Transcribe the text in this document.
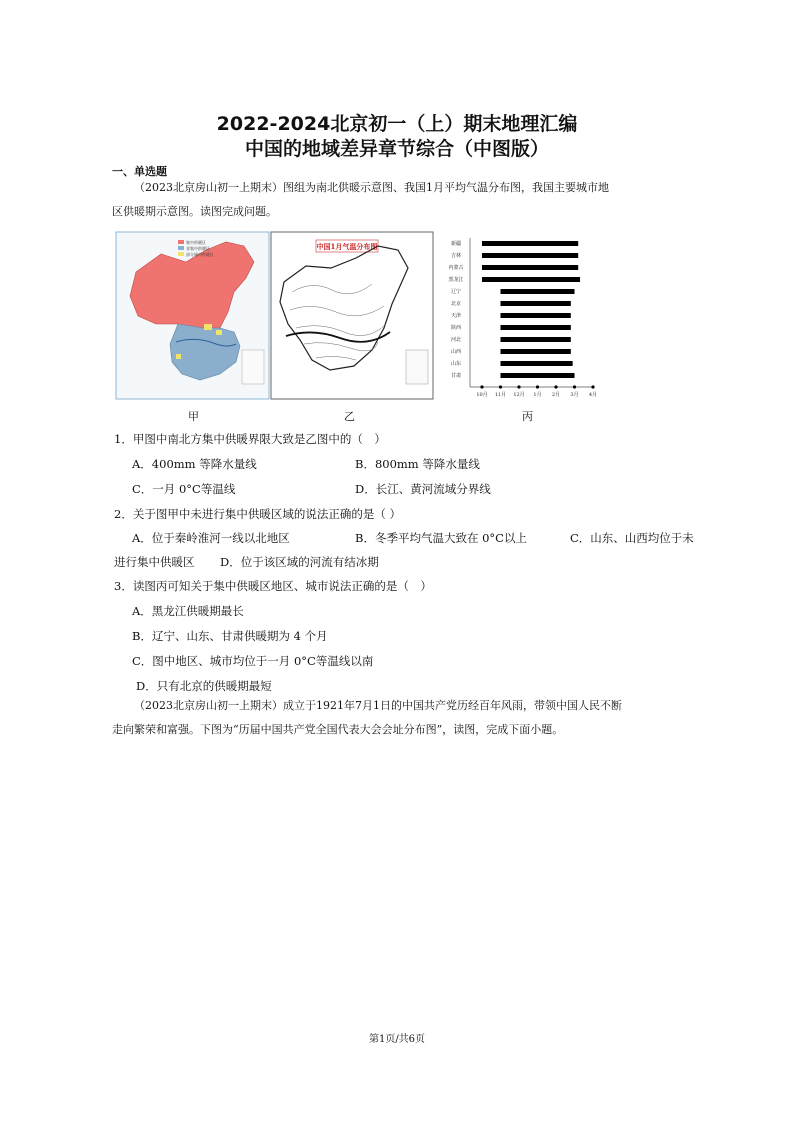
2022-2024北京初一（上）期末地理汇编
中国的地域差异章节综合（中图版）
一、单选题
（2023北京房山初一上期末）图组为南北供暖示意图、我国1月平均气温分布图，我国主要城市地
区供暖期示意图。读图完成问题。
集中供暖区
非集中供暖区
部分城市供暖区
中国1月气温分布图	新疆
吉林
内蒙古
黑龙江
辽宁
北京
天津
陕西
河北
山西
山东
甘肃
10月 11月 12月 1月 2月 3月 4月
甲	乙	丙
1．甲图中南北方集中供暖界限大致是乙图中的（　）
A．400mm 等降水量线	B．800mm 等降水量线
C．一月 0°C等温线	D．长江、黄河流域分界线
2．关于图甲中未进行集中供暖区域的说法正确的是（ ）
A．位于秦岭淮河一线以北地区	B．冬季平均气温大致在 0°C以上	C．山东、山西均位于未
进行集中供暖区 D．位于该区域的河流有结冰期
3．读图丙可知关于集中供暖区地区、城市说法正确的是（　）
A．黑龙江供暖期最长
B．辽宁、山东、甘肃供暖期为 4 个月
C．图中地区、城市均位于一月 0°C等温线以南
D．只有北京的供暖期最短
（2023北京房山初一上期末）成立于1921年7月1日的中国共产党历经百年风雨，带领中国人民不断
走向繁荣和富强。下图为“历届中国共产党全国代表大会会址分布图”，读图，完成下面小题。
第1页/共6页
